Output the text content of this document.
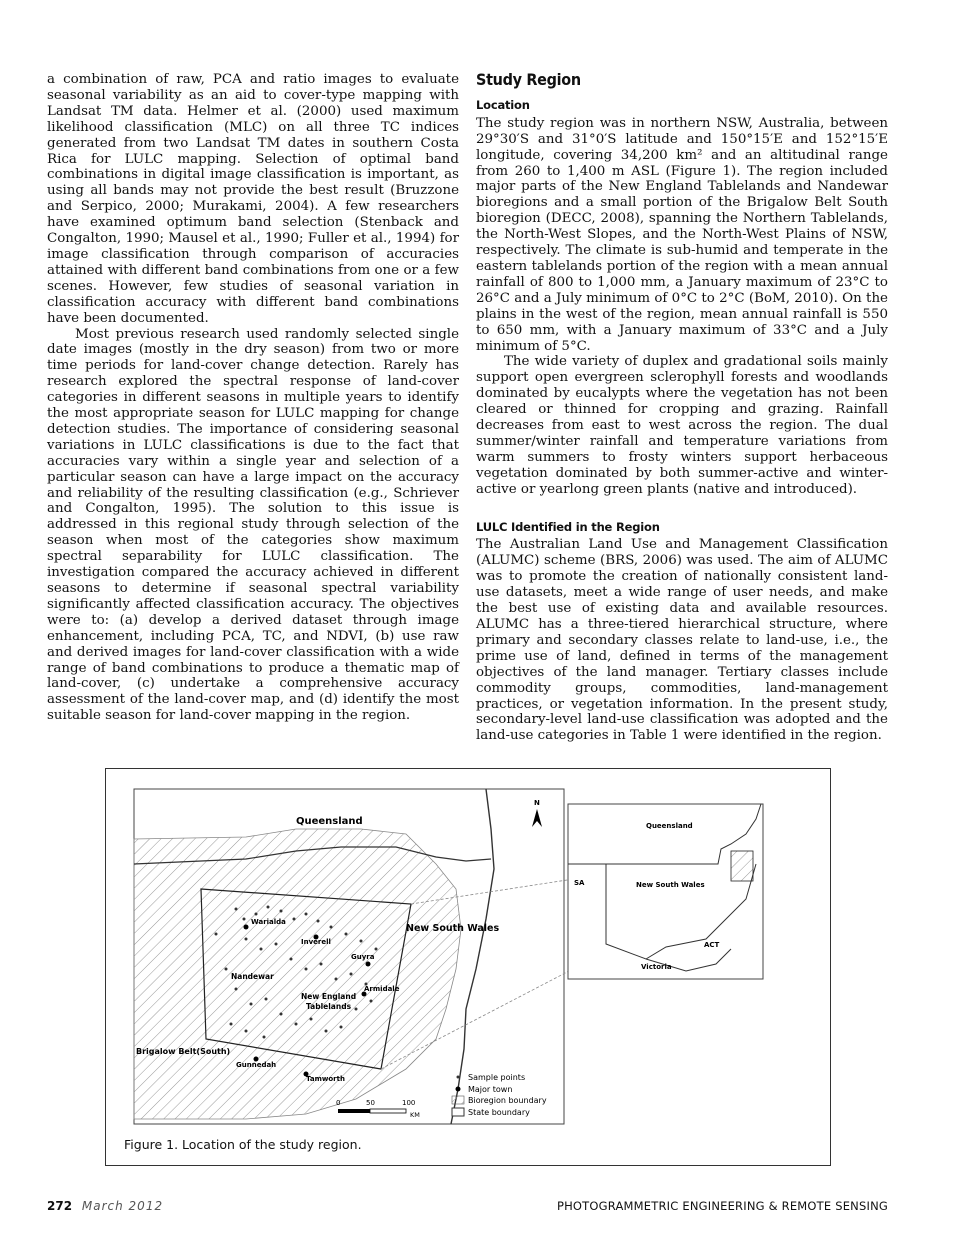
a combination of raw, PCA and ratio images to evaluate seasonal variability as an aid to cover-type mapping with Landsat TM data. Helmer et al. (2000) used maximum likelihood classification (MLC) on all three TC indices generated from two Landsat TM dates in southern Costa Rica for LULC mapping. Selection of optimal band combinations in digital image classification is important, as using all bands may not provide the best result (Bruzzone and Serpico, 2000; Murakami, 2004). A few researchers have examined optimum band selection (Stenback and Congalton, 1990; Mausel et al., 1990; Fuller et al., 1994) for image classification through comparison of accuracies attained with different band combinations from one or a few scenes. However, few studies of seasonal variation in classification accuracy with different band combinations have been documented.

Most previous research used randomly selected single date images (mostly in the dry season) from two or more time periods for land-cover change detection. Rarely has research explored the spectral response of land-cover categories in different seasons in multiple years to identify the most appropriate season for LULC mapping for change detection studies. The importance of considering seasonal variations in LULC classifications is due to the fact that accuracies vary within a single year and selection of a particular season can have a large impact on the accuracy and reliability of the resulting classification (e.g., Schriever and Congalton, 1995). The solution to this issue is addressed in this regional study through selection of the season when most of the categories show maximum spectral separability for LULC classification. The investigation compared the accuracy achieved in different seasons to determine if seasonal spectral variability significantly affected classification accuracy. The objectives were to: (a) develop a derived dataset through image enhancement, including PCA, TC, and NDVI, (b) use raw and derived images for land-cover classification with a wide range of band combinations to produce a thematic map of land-cover, (c) undertake a comprehensive accuracy assessment of the land-cover map, and (d) identify the most suitable season for land-cover mapping in the region.

Study Region
Location

The study region was in northern NSW, Australia, between 29°30′S and 31°0′S latitude and 150°15′E and 152°15′E longitude, covering 34,200 km² and an altitudinal range from 260 to 1,400 m ASL (Figure 1). The region included major parts of the New England Tablelands and Nandewar bioregions and a small portion of the Brigalow Belt South bioregion (DECC, 2008), spanning the Northern Tablelands, the North-West Slopes, and the North-West Plains of NSW, respectively. The climate is sub-humid and temperate in the eastern tablelands portion of the region with a mean annual rainfall of 800 to 1,000 mm, a January maximum of 23°C to 26°C and a July minimum of 0°C to 2°C (BoM, 2010). On the plains in the west of the region, mean annual rainfall is 550 to 650 mm, with a January maximum of 33°C and a July minimum of 5°C.

The wide variety of duplex and gradational soils mainly support open evergreen sclerophyll forests and woodlands dominated by eucalypts where the vegetation has not been cleared or thinned for cropping and grazing. Rainfall decreases from east to west across the region. The dual summer/winter rainfall and temperature variations from warm summers to frosty winters support herbaceous vegetation dominated by both summer-active and winter-active or yearlong green plants (native and introduced).

LULC Identified in the Region

The Australian Land Use and Management Classification (ALUMC) scheme (BRS, 2006) was used. The aim of ALUMC was to promote the creation of nationally consistent land-use datasets, meet a wide range of user needs, and make the best use of existing data and available resources. ALUMC has a three-tiered hierarchical structure, where primary and secondary classes relate to land-use, i.e., the prime use of land, defined in terms of the management objectives of the land manager. Tertiary classes include commodity groups, commodities, land-management practices, or vegetation information. In the present study, secondary-level land-use classification was adopted and the land-use categories in Table 1 were identified in the region.

Queensland
New South Wales
Brigalow Belt(South)
Warialda
Inverell
Guyra
Nandewar
Armidale
New England
Tablelands
Gunnedah
Tamworth
N
Sample points
Major town
Bioregion boundary
State boundary
0	50	100
KM
Queensland
SA	New South Wales
ACT
Victoria
Figure 1. Location of the study region.
272 March 2012	PHOTOGRAMMETRIC ENGINEERING & REMOTE SENSING
